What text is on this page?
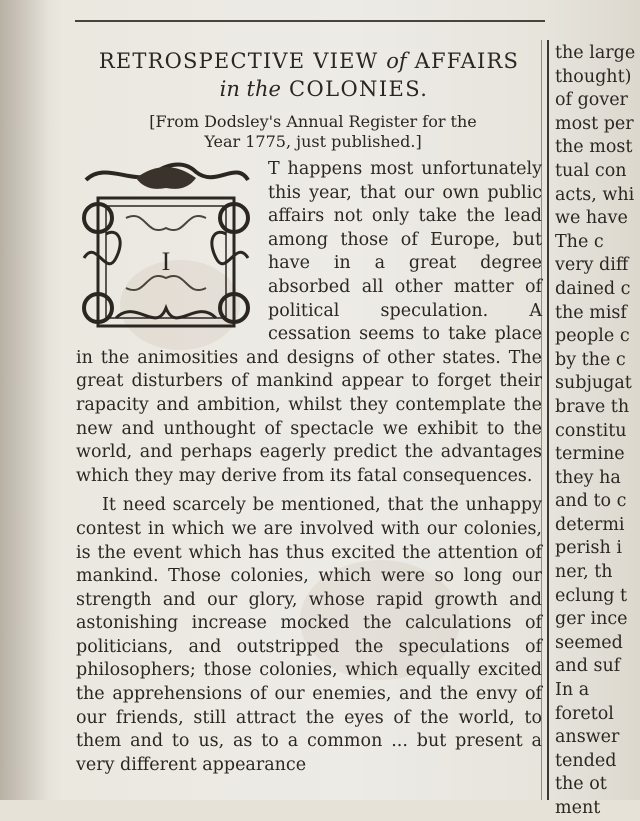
RETROSPECTIVE VIEW of AFFAIRS
in the COLONIES.
[From Dodsley's Annual Register for the
Year 1775, just published.]
I

T happens most unfortunately this year, that our own public affairs not only take the lead among those of Europe, but have in a great degree absorbed all other matter of political speculation. A cessation seems to take place in the animosities and designs of other states. The great disturbers of mankind appear to forget their rapacity and ambition, whilst they contemplate the new and unthought of spectacle we exhibit to the world, and perhaps eagerly predict the advantages which they may derive from its fatal consequences.

It need scarcely be mentioned, that the unhappy contest in which we are involved with our colonies, is the event which has thus excited the attention of mankind. Those colonies, which were so long our strength and our glory, whose rapid growth and astonishing increase mocked the calculations of politicians, and outstripped the speculations of philosophers; those colonies, which equally excited the apprehensions of our enemies, and the envy of our friends, still attract the eyes of the world, to them and to us, as to a common ... but present a very different appearance

the large
thought)
of gover
most per
the most
tual con
acts, whi
we have
The c
very diff
dained c
the misf
people c
by the c
subjugat
brave th
constitu
termine
they ha
and to c
determi
perish i
ner, th
eclung t
ger ince
seemed
and suf
In a
foretol
answer
tended
the ot
ment
